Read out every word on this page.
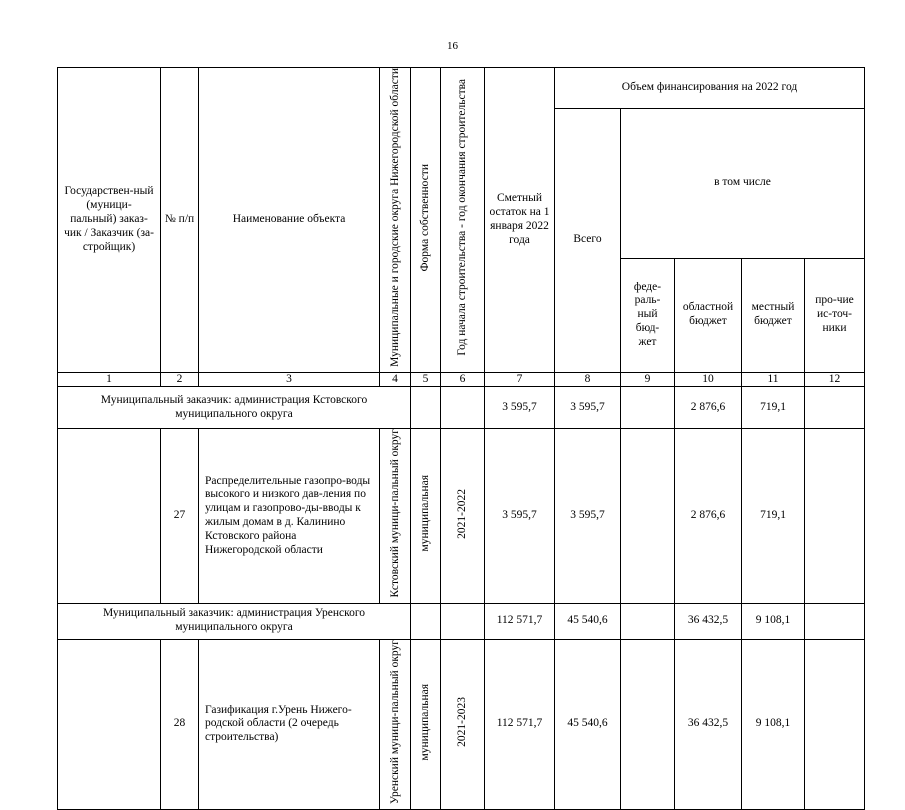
16
Государствен-ный (муници-пальный) заказ-чик / Заказчик (за-стройщик)	№ п/п	Наименование объекта	Муниципальные и городские округа Нижегородской области	Форма собственности	Год начала строительства - год окончания строительства	Сметный остаток на 1 января 2022 года	Объем финансирования на 2022 год				
							Всего	в том числе			
								феде-раль-ный бюд-жет	областной бюджет	местный бюджет	про-чие ис-точ-ники
1	2	3	4	5	6	7	8	9	10	11	12
Муниципальный заказчик: администрация Кстовского муниципального округа						3 595,7	3 595,7		2 876,6	719,1	
	27	Распределительные газопро-воды высокого и низкого дав-ления по улицам и газопрово-ды-вводы к жилым домам в д. Калинино Кстовского района Нижегородской области	Кстовский муници-пальный округ	муниципальная	2021-2022	3 595,7	3 595,7		2 876,6	719,1	
Муниципальный заказчик: администрация Уренского муниципального округа						112 571,7	45 540,6		36 432,5	9 108,1	
	28	Газификация г.Урень Нижего-родской области (2 очередь строительства)	Уренский муници-пальный округ	муниципальная	2021-2023	112 571,7	45 540,6		36 432,5	9 108,1	
